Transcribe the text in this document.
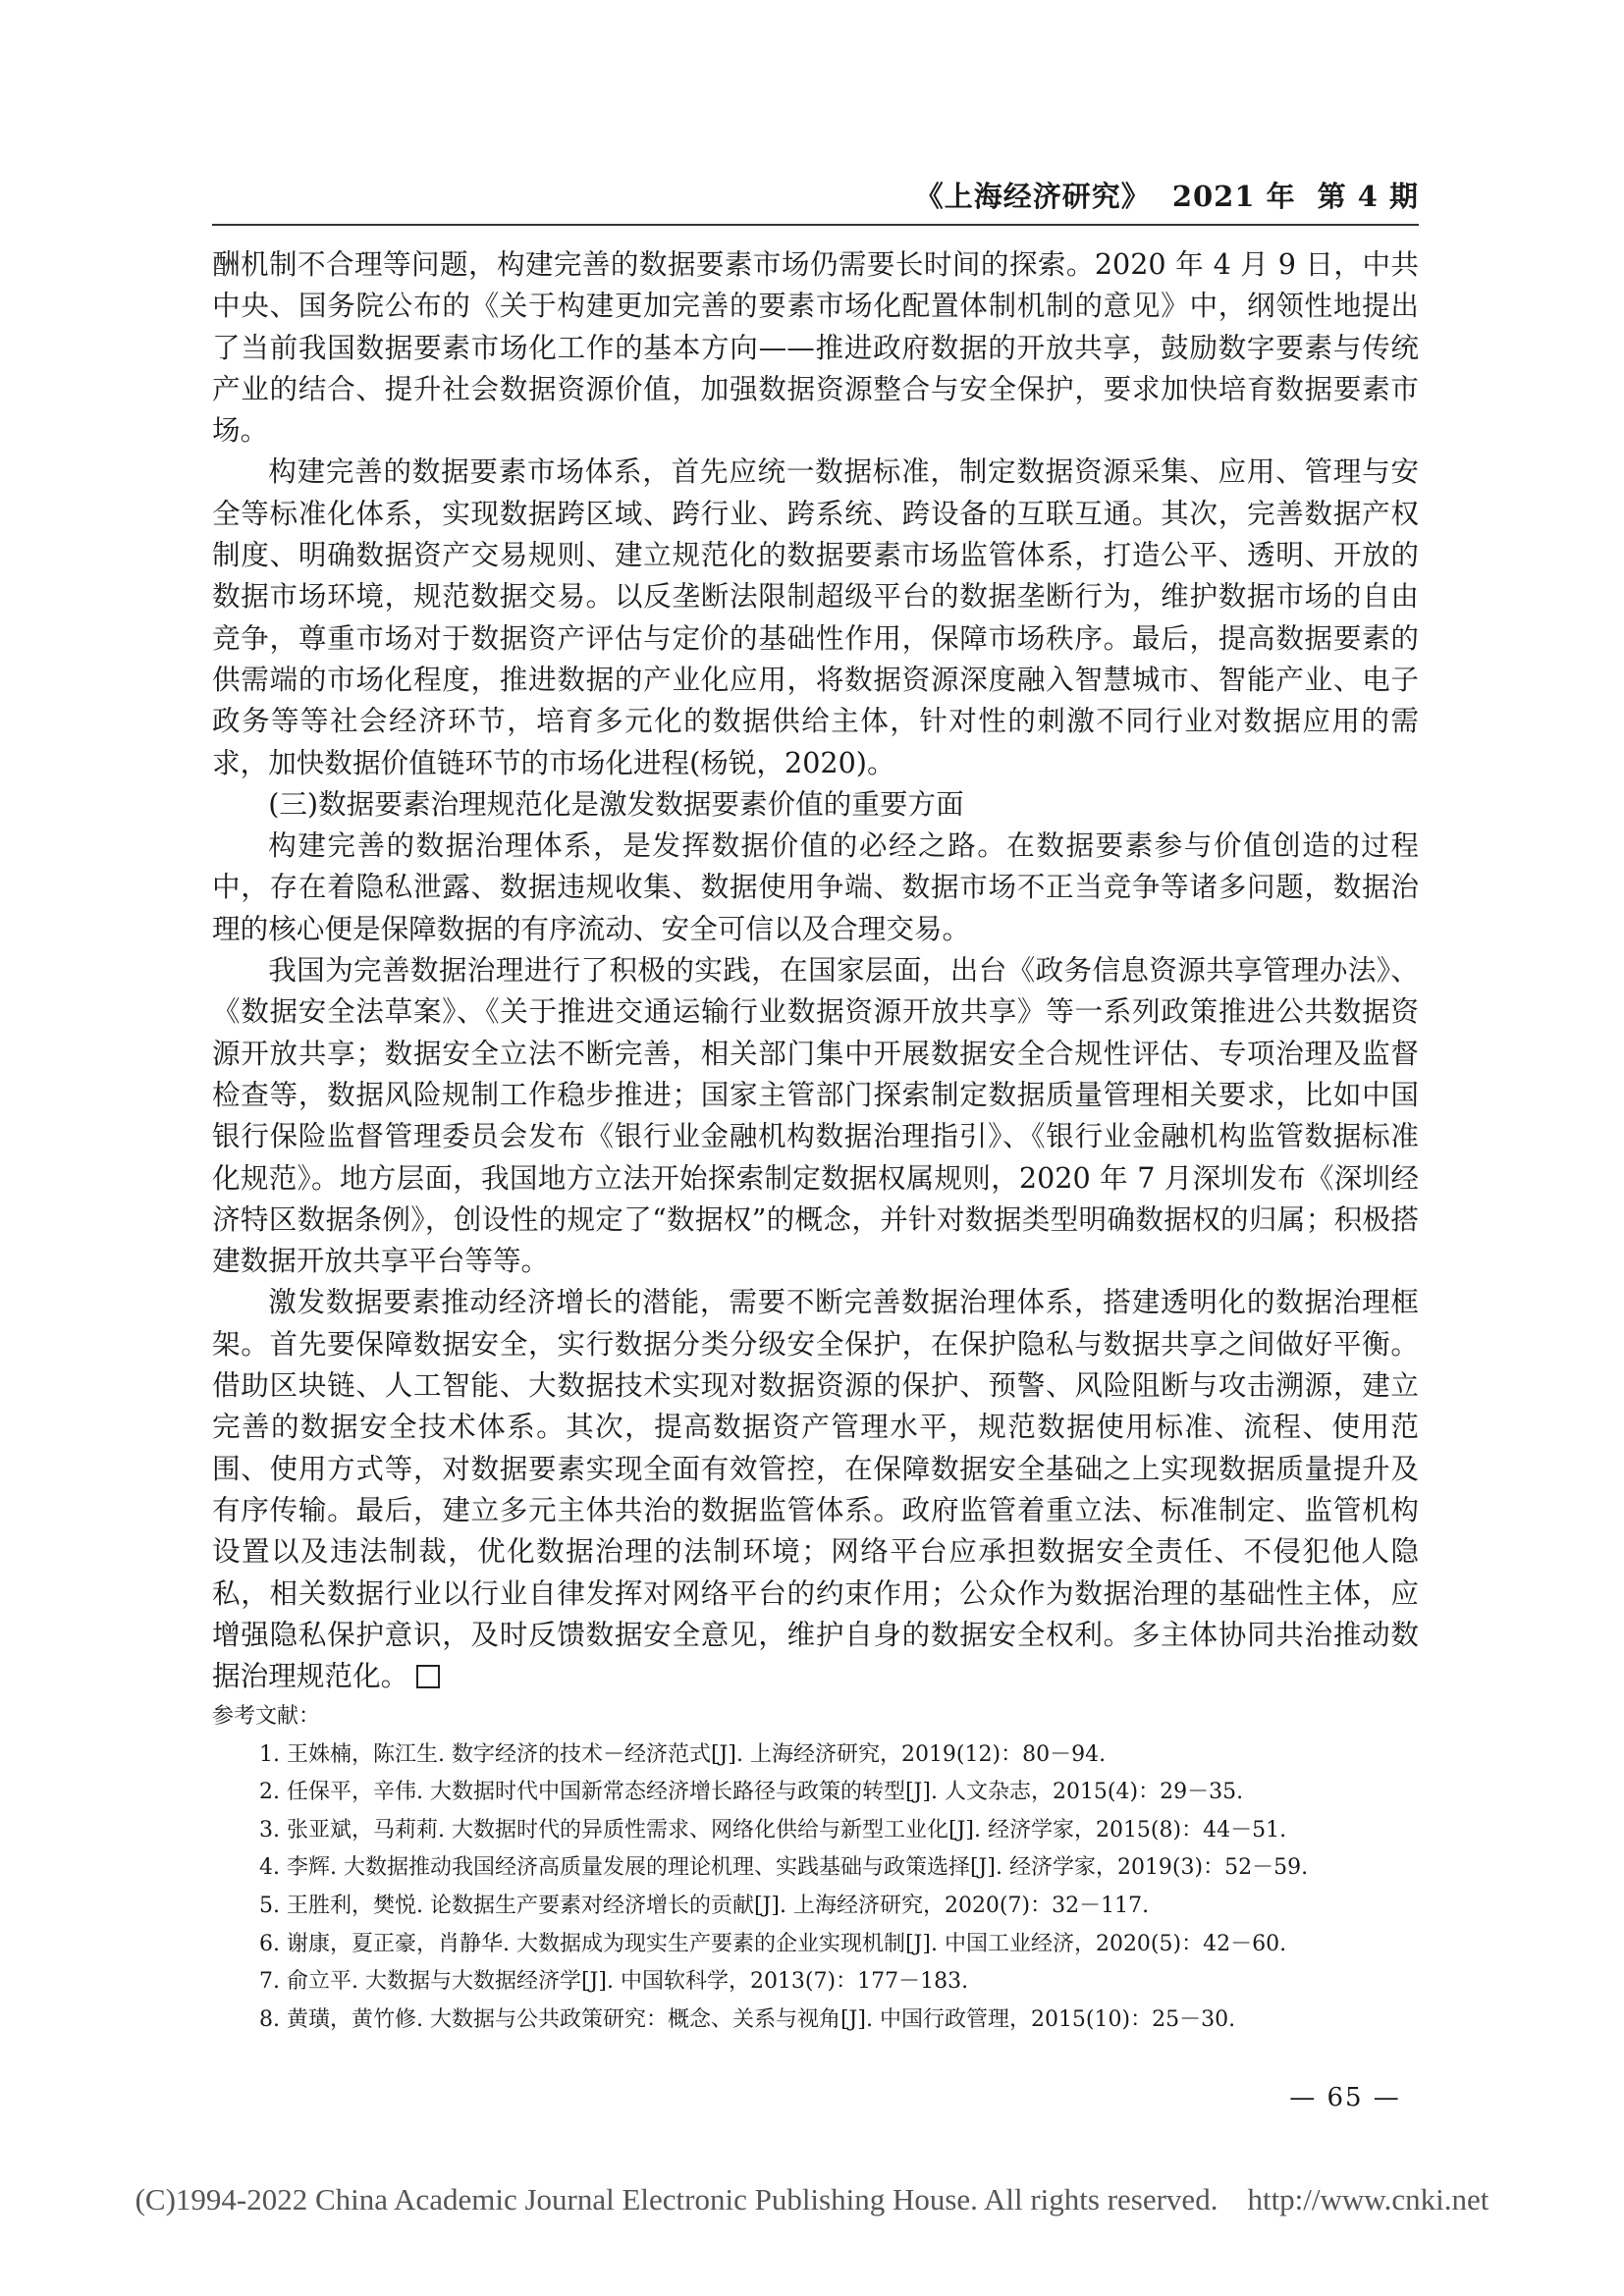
《上海经济研究》 2021 年 第 4 期

酬机制不合理等问题，构建完善的数据要素市场仍需要长时间的探索。2020 年 4 月 9 日，中共中央、国务院公布的《关于构建更加完善的要素市场化配置体制机制的意见》中，纲领性地提出了当前我国数据要素市场化工作的基本方向——推进政府数据的开放共享，鼓励数字要素与传统产业的结合、提升社会数据资源价值，加强数据资源整合与安全保护，要求加快培育数据要素市场。

构建完善的数据要素市场体系，首先应统一数据标准，制定数据资源采集、应用、管理与安全等标准化体系，实现数据跨区域、跨行业、跨系统、跨设备的互联互通。其次，完善数据产权制度、明确数据资产交易规则、建立规范化的数据要素市场监管体系，打造公平、透明、开放的数据市场环境，规范数据交易。以反垄断法限制超级平台的数据垄断行为，维护数据市场的自由竞争，尊重市场对于数据资产评估与定价的基础性作用，保障市场秩序。最后，提高数据要素的供需端的市场化程度，推进数据的产业化应用，将数据资源深度融入智慧城市、智能产业、电子政务等等社会经济环节，培育多元化的数据供给主体，针对性的刺激不同行业对数据应用的需求，加快数据价值链环节的市场化进程(杨锐，2020)。

(三)数据要素治理规范化是激发数据要素价值的重要方面

构建完善的数据治理体系，是发挥数据价值的必经之路。在数据要素参与价值创造的过程中，存在着隐私泄露、数据违规收集、数据使用争端、数据市场不正当竞争等诸多问题，数据治理的核心便是保障数据的有序流动、安全可信以及合理交易。

我国为完善数据治理进行了积极的实践，在国家层面，出台《政务信息资源共享管理办法》、《数据安全法草案》、《关于推进交通运输行业数据资源开放共享》等一系列政策推进公共数据资源开放共享；数据安全立法不断完善，相关部门集中开展数据安全合规性评估、专项治理及监督检查等，数据风险规制工作稳步推进；国家主管部门探索制定数据质量管理相关要求，比如中国银行保险监督管理委员会发布《银行业金融机构数据治理指引》、《银行业金融机构监管数据标准化规范》。地方层面，我国地方立法开始探索制定数据权属规则，2020 年 7 月深圳发布《深圳经济特区数据条例》，创设性的规定了“数据权”的概念，并针对数据类型明确数据权的归属；积极搭建数据开放共享平台等等。

激发数据要素推动经济增长的潜能，需要不断完善数据治理体系，搭建透明化的数据治理框架。首先要保障数据安全，实行数据分类分级安全保护，在保护隐私与数据共享之间做好平衡。借助区块链、人工智能、大数据技术实现对数据资源的保护、预警、风险阻断与攻击溯源，建立完善的数据安全技术体系。其次，提高数据资产管理水平，规范数据使用标准、流程、使用范围、使用方式等，对数据要素实现全面有效管控，在保障数据安全基础之上实现数据质量提升及有序传输。最后，建立多元主体共治的数据监管体系。政府监管着重立法、标准制定、监管机构设置以及违法制裁，优化数据治理的法制环境；网络平台应承担数据安全责任、不侵犯他人隐私，相关数据行业以行业自律发挥对网络平台的约束作用；公众作为数据治理的基础性主体，应增强隐私保护意识，及时反馈数据安全意见，维护自身的数据安全权利。多主体协同共治推动数据治理规范化。

参考文献：
1. 王姝楠，陈江生. 数字经济的技术－经济范式[J]. 上海经济研究，2019(12)：80－94.
2. 任保平，辛伟. 大数据时代中国新常态经济增长路径与政策的转型[J]. 人文杂志，2015(4)：29－35.
3. 张亚斌，马莉莉. 大数据时代的异质性需求、网络化供给与新型工业化[J]. 经济学家，2015(8)：44－51.
4. 李辉. 大数据推动我国经济高质量发展的理论机理、实践基础与政策选择[J]. 经济学家，2019(3)：52－59.
5. 王胜利，樊悦. 论数据生产要素对经济增长的贡献[J]. 上海经济研究，2020(7)：32－117.
6. 谢康，夏正豪，肖静华. 大数据成为现实生产要素的企业实现机制[J]. 中国工业经济，2020(5)：42－60.
7. 俞立平. 大数据与大数据经济学[J]. 中国软科学，2013(7)：177－183.
8. 黄璜，黄竹修. 大数据与公共政策研究：概念、关系与视角[J]. 中国行政管理，2015(10)：25－30.
— 65 —
(C)1994-2022 China Academic Journal Electronic Publishing House. All rights reserved. http://www.cnki.net
